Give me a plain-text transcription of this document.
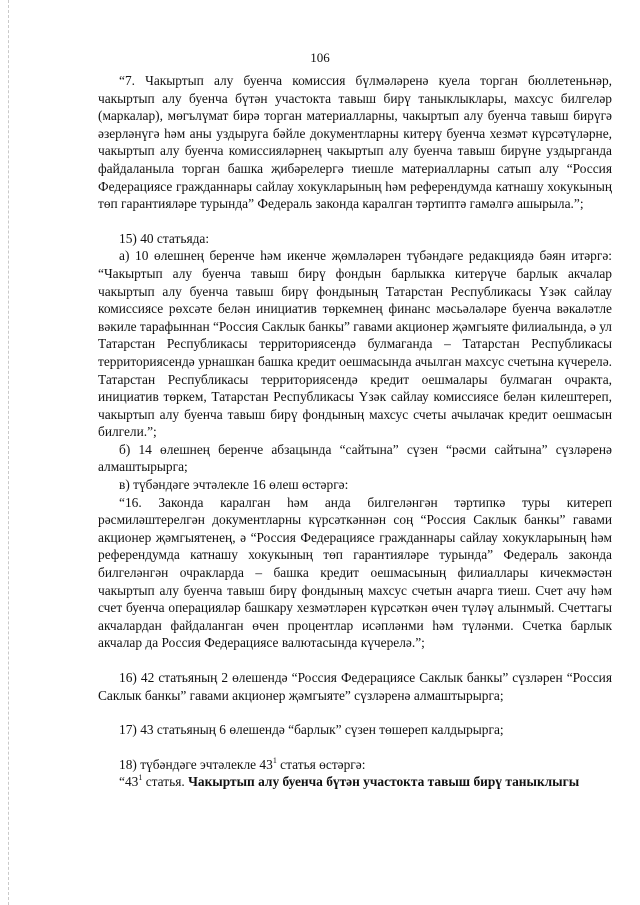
106

“7. Чакыртып алу буенча комиссия бүлмәләренә куела торган бюллетеньнәр, чакыртып алу буенча бүтән участокта тавыш бирү таныклыклары, махсус билгеләр (маркалар), мөгълүмат бирә торган материалларны, чакыртып алу буенча тавыш бирүгә әзерләнүгә һәм аны уздыруга бәйле документларны китерү буенча хезмәт күрсәтүләрне, чакыртып алу буенча комиссияләрнең чакыртып алу буенча тавыш бирүне уздырганда файдаланыла торган башка җибәрелергә тиешле материалларны сатып алу “Россия Федерациясе гражданнары сайлау хокукларының һәм референдумда катнашу хокукының төп гарантияләре турында” Федераль законда каралган тәртиптә гамәлгә ашырыла.”;

15) 40 статьяда:

а) 10 өлешнең беренче һәм икенче җөмләләрен түбәндәге редакциядә бәян итәргә: “Чакыртып алу буенча тавыш бирү фондын барлыкка китерүче барлык акчалар чакыртып алу буенча тавыш бирү фондының Татарстан Республикасы Үзәк сайлау комиссиясе рөхсәте белән инициатив төркемнең финанс мәсьәләләре буенча вәкаләтле вәкиле тарафыннан “Россия Саклык банкы” гавами акционер җәмгыяте филиалында, ә ул Татарстан Республикасы территориясендә булмаганда – Татарстан Республикасы территориясендә урнашкан башка кредит оешмасында ачылган махсус счетына күчерелә. Татарстан Республикасы территориясендә кредит оешмалары булмаган очракта, инициатив төркем, Татарстан Республикасы Үзәк сайлау комиссиясе белән килештереп, чакыртып алу буенча тавыш бирү фондының махсус счеты ачылачак кредит оешмасын билгели.”;

б) 14 өлешнең беренче абзацында “сайтына” сүзен “рәсми сайтына” сүзләренә алмаштырырга;

в) түбәндәге эчтәлекле 16 өлеш өстәргә:

“16. Законда каралган һәм анда билгеләнгән тәртипкә туры китереп рәсмиләштерелгән документларны күрсәткәннән соң “Россия Саклык банкы” гавами акционер җәмгыятенең, ә “Россия Федерациясе гражданнары сайлау хокукларының һәм референдумда катнашу хокукының төп гарантияләре турында” Федераль законда билгеләнгән очракларда – башка кредит оешмасының филиаллары кичекмәстән чакыртып алу буенча тавыш бирү фондының махсус счетын ачарга тиеш. Счет ачу һәм счет буенча операцияләр башкару хезмәтләрен күрсәткән өчен түләү алынмый. Счеттагы акчалардан файдаланган өчен процентлар исәпләнми һәм түләнми. Счетка барлык акчалар да Россия Федерациясе валютасында күчерелә.”;

16) 42 статьяның 2 өлешендә “Россия Федерациясе Саклык банкы” сүзләрен “Россия Саклык банкы” гавами акционер җәмгыяте” сүзләренә алмаштырырга;

17) 43 статьяның 6 өлешендә “барлык” сүзен төшереп калдырырга;

18) түбәндәге эчтәлекле $43^1$ статья өстәргә:

“$43^1$ статья. Чакыртып алу буенча бүтән участокта тавыш бирү таныклыгы
